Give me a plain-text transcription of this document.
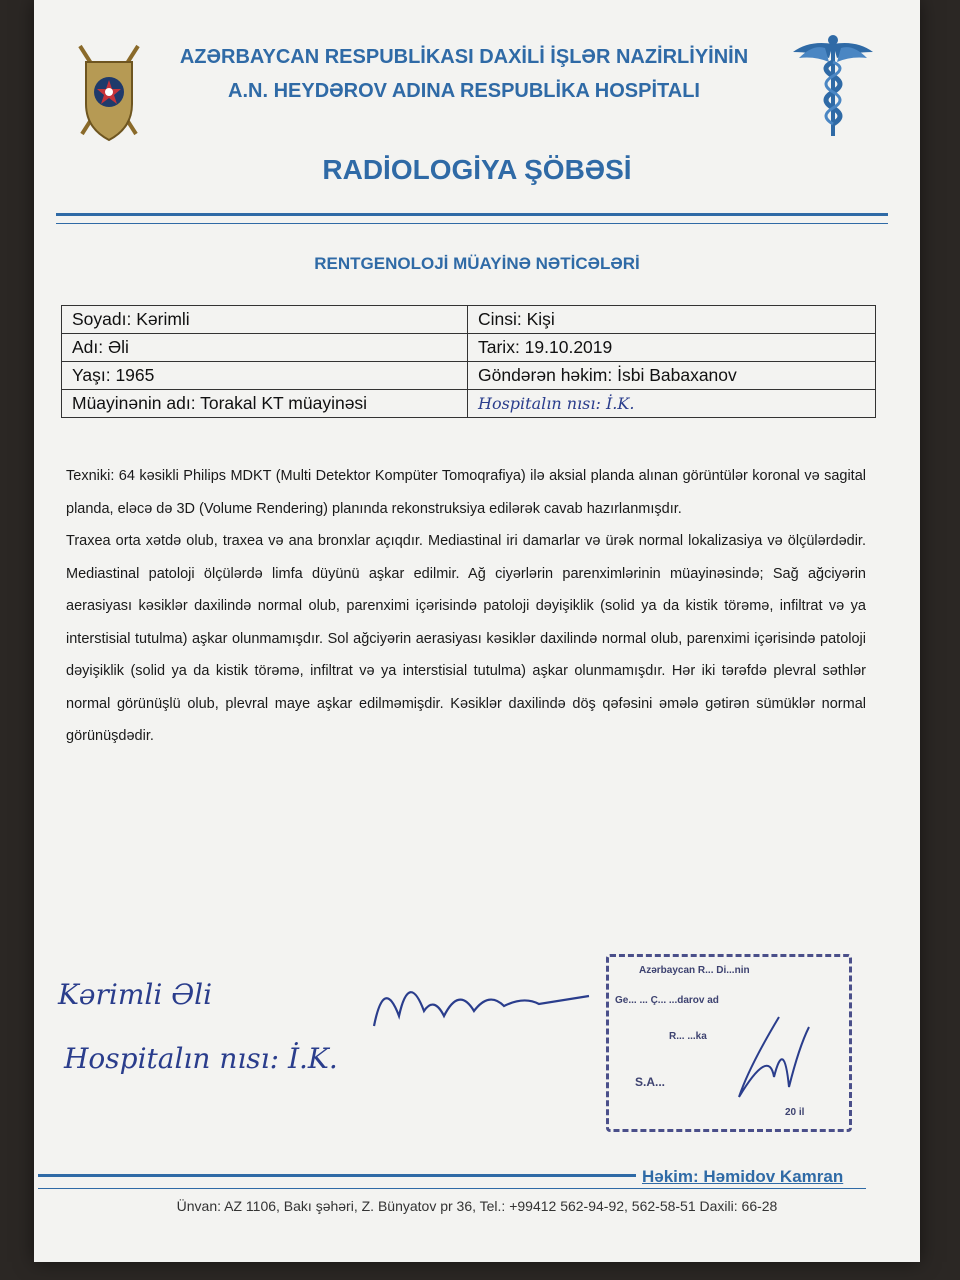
AZƏRBAYCAN RESPUBLİKASI DAXİLİ İŞLƏR NAZİRLİYİNİN
A.N. HEYDƏROV ADINA RESPUBLİKA HOSPİTALI
RADİOLOGİYA ŞÖBƏSİ
RENTGENOLOJİ MÜAYİNƏ NƏTİCƏLƏRİ
Soyadı: Kərimli	Cinsi: Kişi
Adı: Əli	Tarix: 19.10.2019
Yaşı: 1965	Göndərən həkim: İsbi Babaxanov
Müayinənin adı: Torakal KT müayinəsi	Hospitalın nısı: İ.K.

Texniki: 64 kəsikli Philips MDKT (Multi Detektor Kompüter Tomoqrafiya) ilə aksial planda alınan görüntülər koronal və sagital planda, eləcə də 3D (Volume Rendering) planında rekonstruksiya edilərək cavab hazırlanmışdır.

Traxea orta xətdə olub, traxea və ana bronxlar açıqdır. Mediastinal iri damarlar və ürək normal lokalizasiya və ölçülərdədir. Mediastinal patoloji ölçülərdə limfa düyünü aşkar edilmir. Ağ ciyərlərin parenximlərinin müayinəsində; Sağ ağciyərin aerasiyası kəsiklər daxilində normal olub, parenximi içərisində patoloji dəyişiklik (solid ya da kistik törəmə, infiltrat və ya interstisial tutulma) aşkar olunmamışdır. Sol ağciyərin aerasiyası kəsiklər daxilində normal olub, parenximi içərisində patoloji dəyişiklik (solid ya da kistik törəmə, infiltrat və ya interstisial tutulma) aşkar olunmamışdır. Hər iki tərəfdə plevral səthlər normal görünüşlü olub, plevral maye aşkar edilməmişdir. Kəsiklər daxilində döş qəfəsini əmələ gətirən sümüklər normal görünüşdədir.

Kərimli Əli
Hospitalın nısı: İ.K.
Azərbaycan R... Di...nin
Ge... ... Ç... ...darov ad
R... ...ka
S.A...
20 il
Həkim: Həmidov Kamran
Ünvan: AZ 1106, Bakı şəhəri, Z. Bünyatov pr 36, Tel.: +99412 562-94-92, 562-58-51 Daxili: 66-28
